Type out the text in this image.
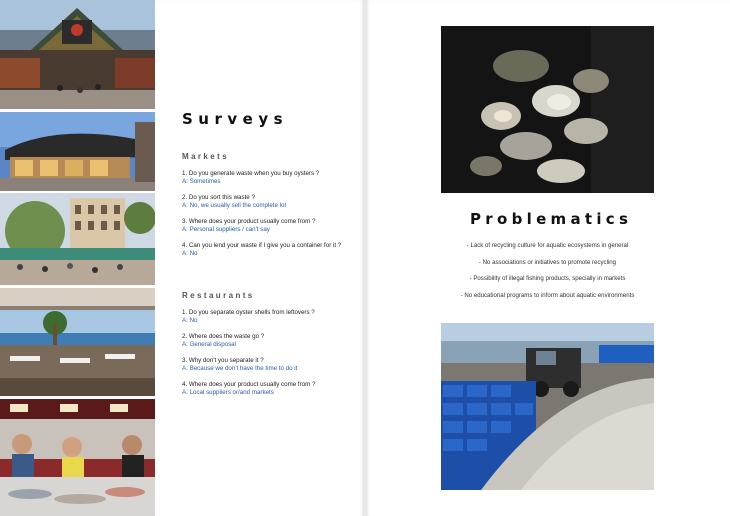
Surveys
Markets
1. Do you generate waste when you buy oysters ?
A: Sometimes
2. Do you sort this waste ?
A: No, we usually sell the complete lot
3. Where does your product usually come from ?
A: Personal suppliers / can't say
4. Can you lend your waste if I give you a container for it ?
A: No
Restaurants
1. Do you separate oyster shells from leftovers ?
A: No
2. Where does the waste go ?
A: General disposal
3. Why don't you separate it ?
A: Because we don't have the time to do it
4. Where does your product usually come from ?
A: Local suppliers or/and markets
Problematics
- Lack of recycling culture for aquatic ecosystems in general
- No associations or initiatives to promote recycling
- Possibility of illegal fishing products, specially in markets
- No educational programs to inform about aquatic environments
